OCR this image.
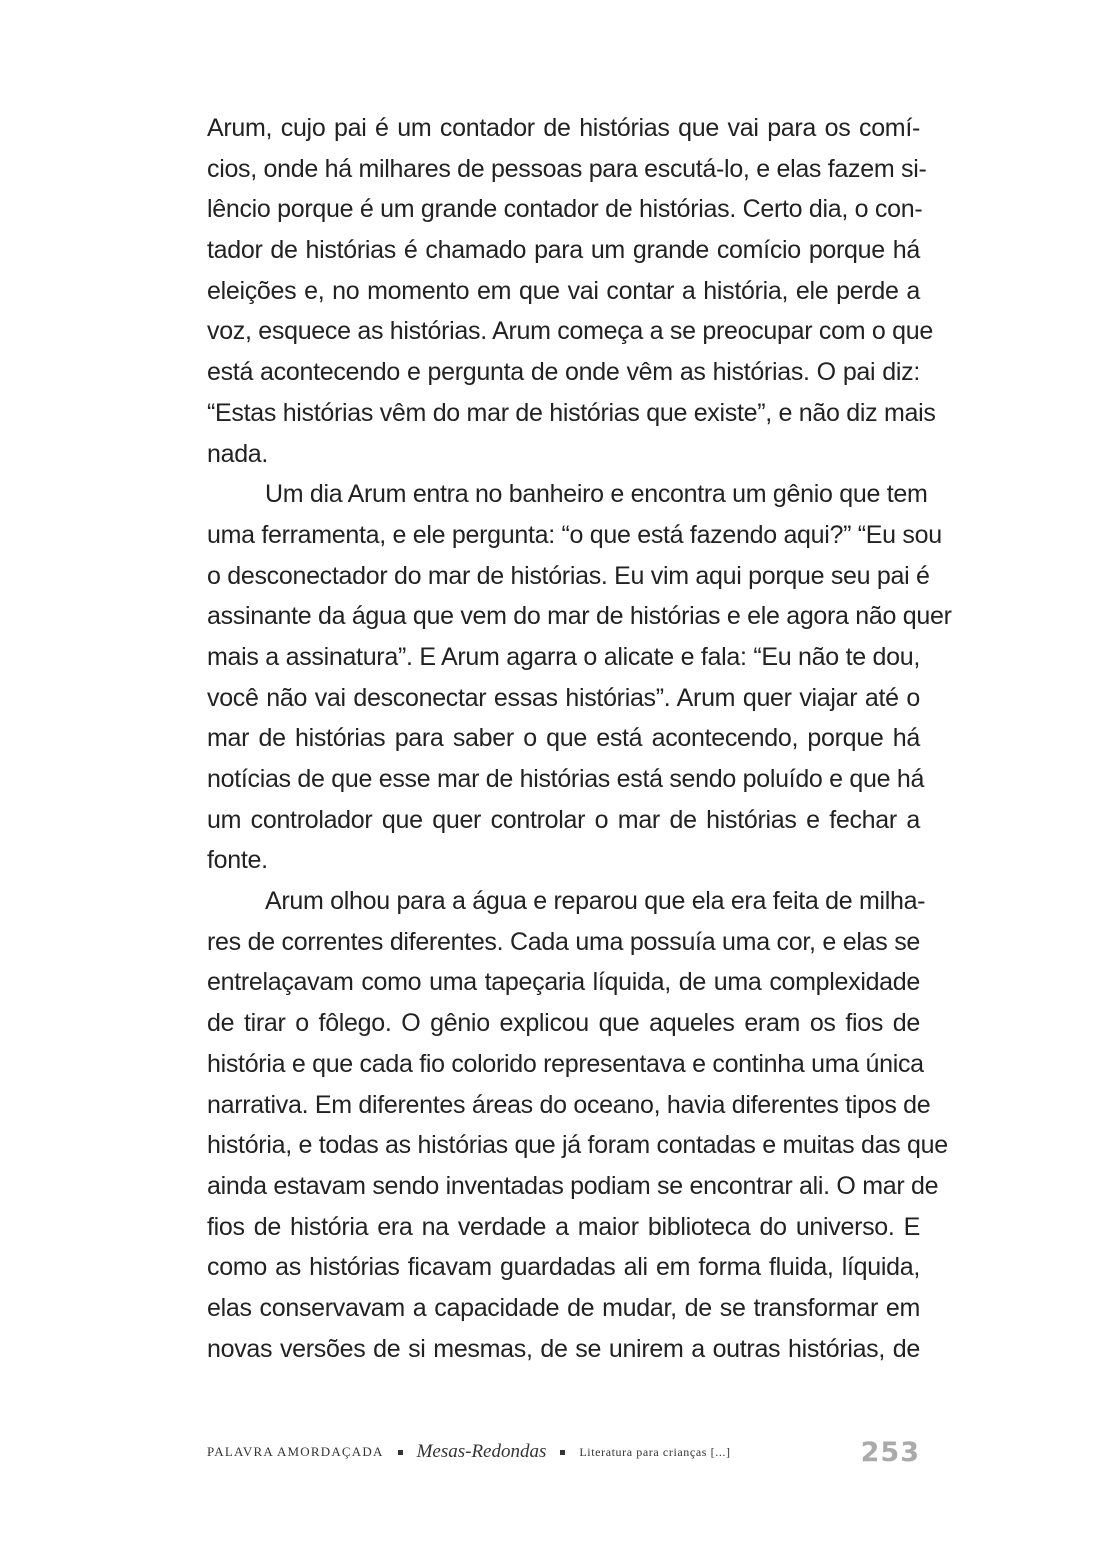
Arum, cujo pai é um contador de histórias que vai para os comí-
cios, onde há milhares de pessoas para escutá-lo, e elas fazem si-
lêncio porque é um grande contador de histórias. Certo dia, o con-
tador de histórias é chamado para um grande comício porque há
eleições e, no momento em que vai contar a história, ele perde a
voz, esquece as histórias. Arum começa a se preocupar com o que
está acontecendo e pergunta de onde vêm as histórias. O pai diz:
“Estas histórias vêm do mar de histórias que existe”, e não diz mais
nada.
Um dia Arum entra no banheiro e encontra um gênio que tem
uma ferramenta, e ele pergunta: “o que está fazendo aqui?” “Eu sou
o desconectador do mar de histórias. Eu vim aqui porque seu pai é
assinante da água que vem do mar de histórias e ele agora não quer
mais a assinatura”. E Arum agarra o alicate e fala: “Eu não te dou,
você não vai desconectar essas histórias”. Arum quer viajar até o
mar de histórias para saber o que está acontecendo, porque há
notícias de que esse mar de histórias está sendo poluído e que há
um controlador que quer controlar o mar de histórias e fechar a
fonte.
Arum olhou para a água e reparou que ela era feita de milha-
res de correntes diferentes. Cada uma possuía uma cor, e elas se
entrelaçavam como uma tapeçaria líquida, de uma complexidade
de tirar o fôlego. O gênio explicou que aqueles eram os fios de
história e que cada fio colorido representava e continha uma única
narrativa. Em diferentes áreas do oceano, havia diferentes tipos de
história, e todas as histórias que já foram contadas e muitas das que
ainda estavam sendo inventadas podiam se encontrar ali. O mar de
fios de história era na verdade a maior biblioteca do universo. E
como as histórias ficavam guardadas ali em forma fluida, líquida,
elas conservavam a capacidade de mudar, de se transformar em
novas versões de si mesmas, de se unirem a outras histórias, de
PALAVRA AMORDAÇADA Mesas-Redondas	Literatura para crianças [...]	253
